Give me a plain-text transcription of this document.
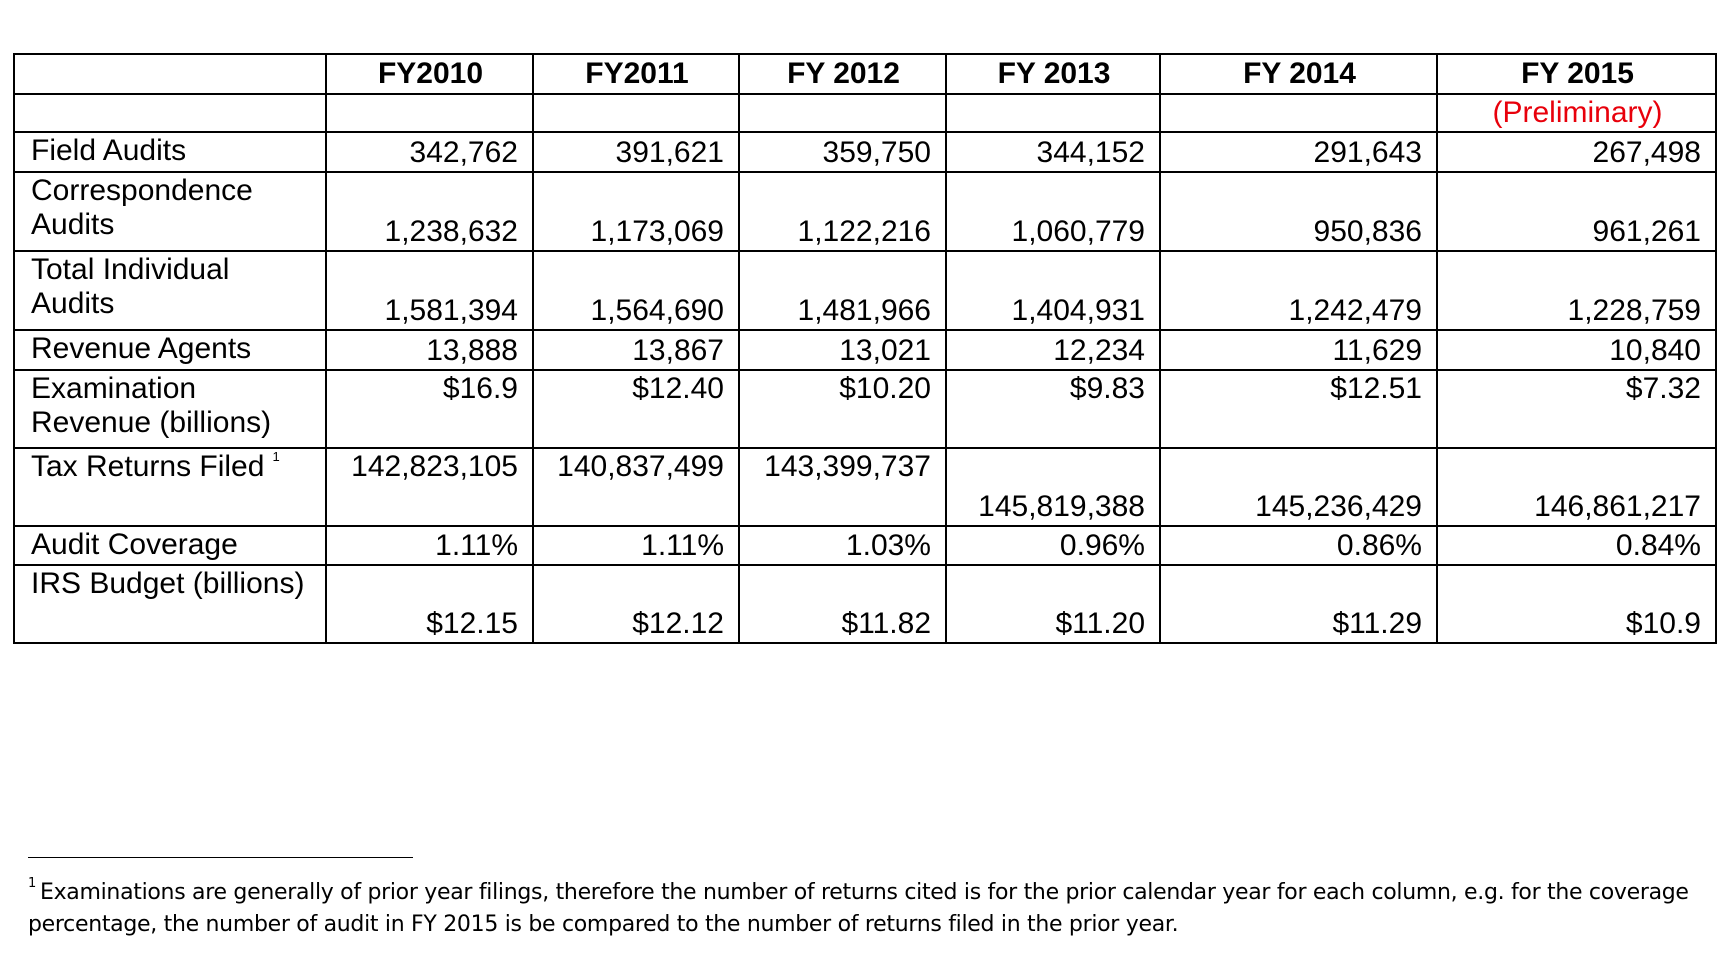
	FY2010	FY2011	FY 2012	FY 2013	FY 2014	FY 2015
						(Preliminary)
Field Audits	342,762	391,621	359,750	344,152	291,643	267,498
Correspondence Audits	1,238,632	1,173,069	1,122,216	1,060,779	950,836	961,261
Total Individual Audits	1,581,394	1,564,690	1,481,966	1,404,931	1,242,479	1,228,759
Revenue Agents	13,888	13,867	13,021	12,234	11,629	10,840
Examination Revenue (billions)	$16.9	$12.40	$10.20	$9.83	$12.51	$7.32
Tax Returns Filed $^1$	142,823,105	140,837,499	143,399,737	145,819,388	145,236,429	146,861,217
Audit Coverage	1.11%	1.11%	1.03%	0.96%	0.86%	0.84%
IRS Budget (billions)	$12.15	$12.12	$11.82	$11.20	$11.29	$10.9
$^1$ Examinations are generally of prior year filings, therefore the number of returns cited is for the prior calendar year for each column, e.g. for the coverage percentage, the number of audit in FY 2015 is be compared to the number of returns filed in the prior year.
